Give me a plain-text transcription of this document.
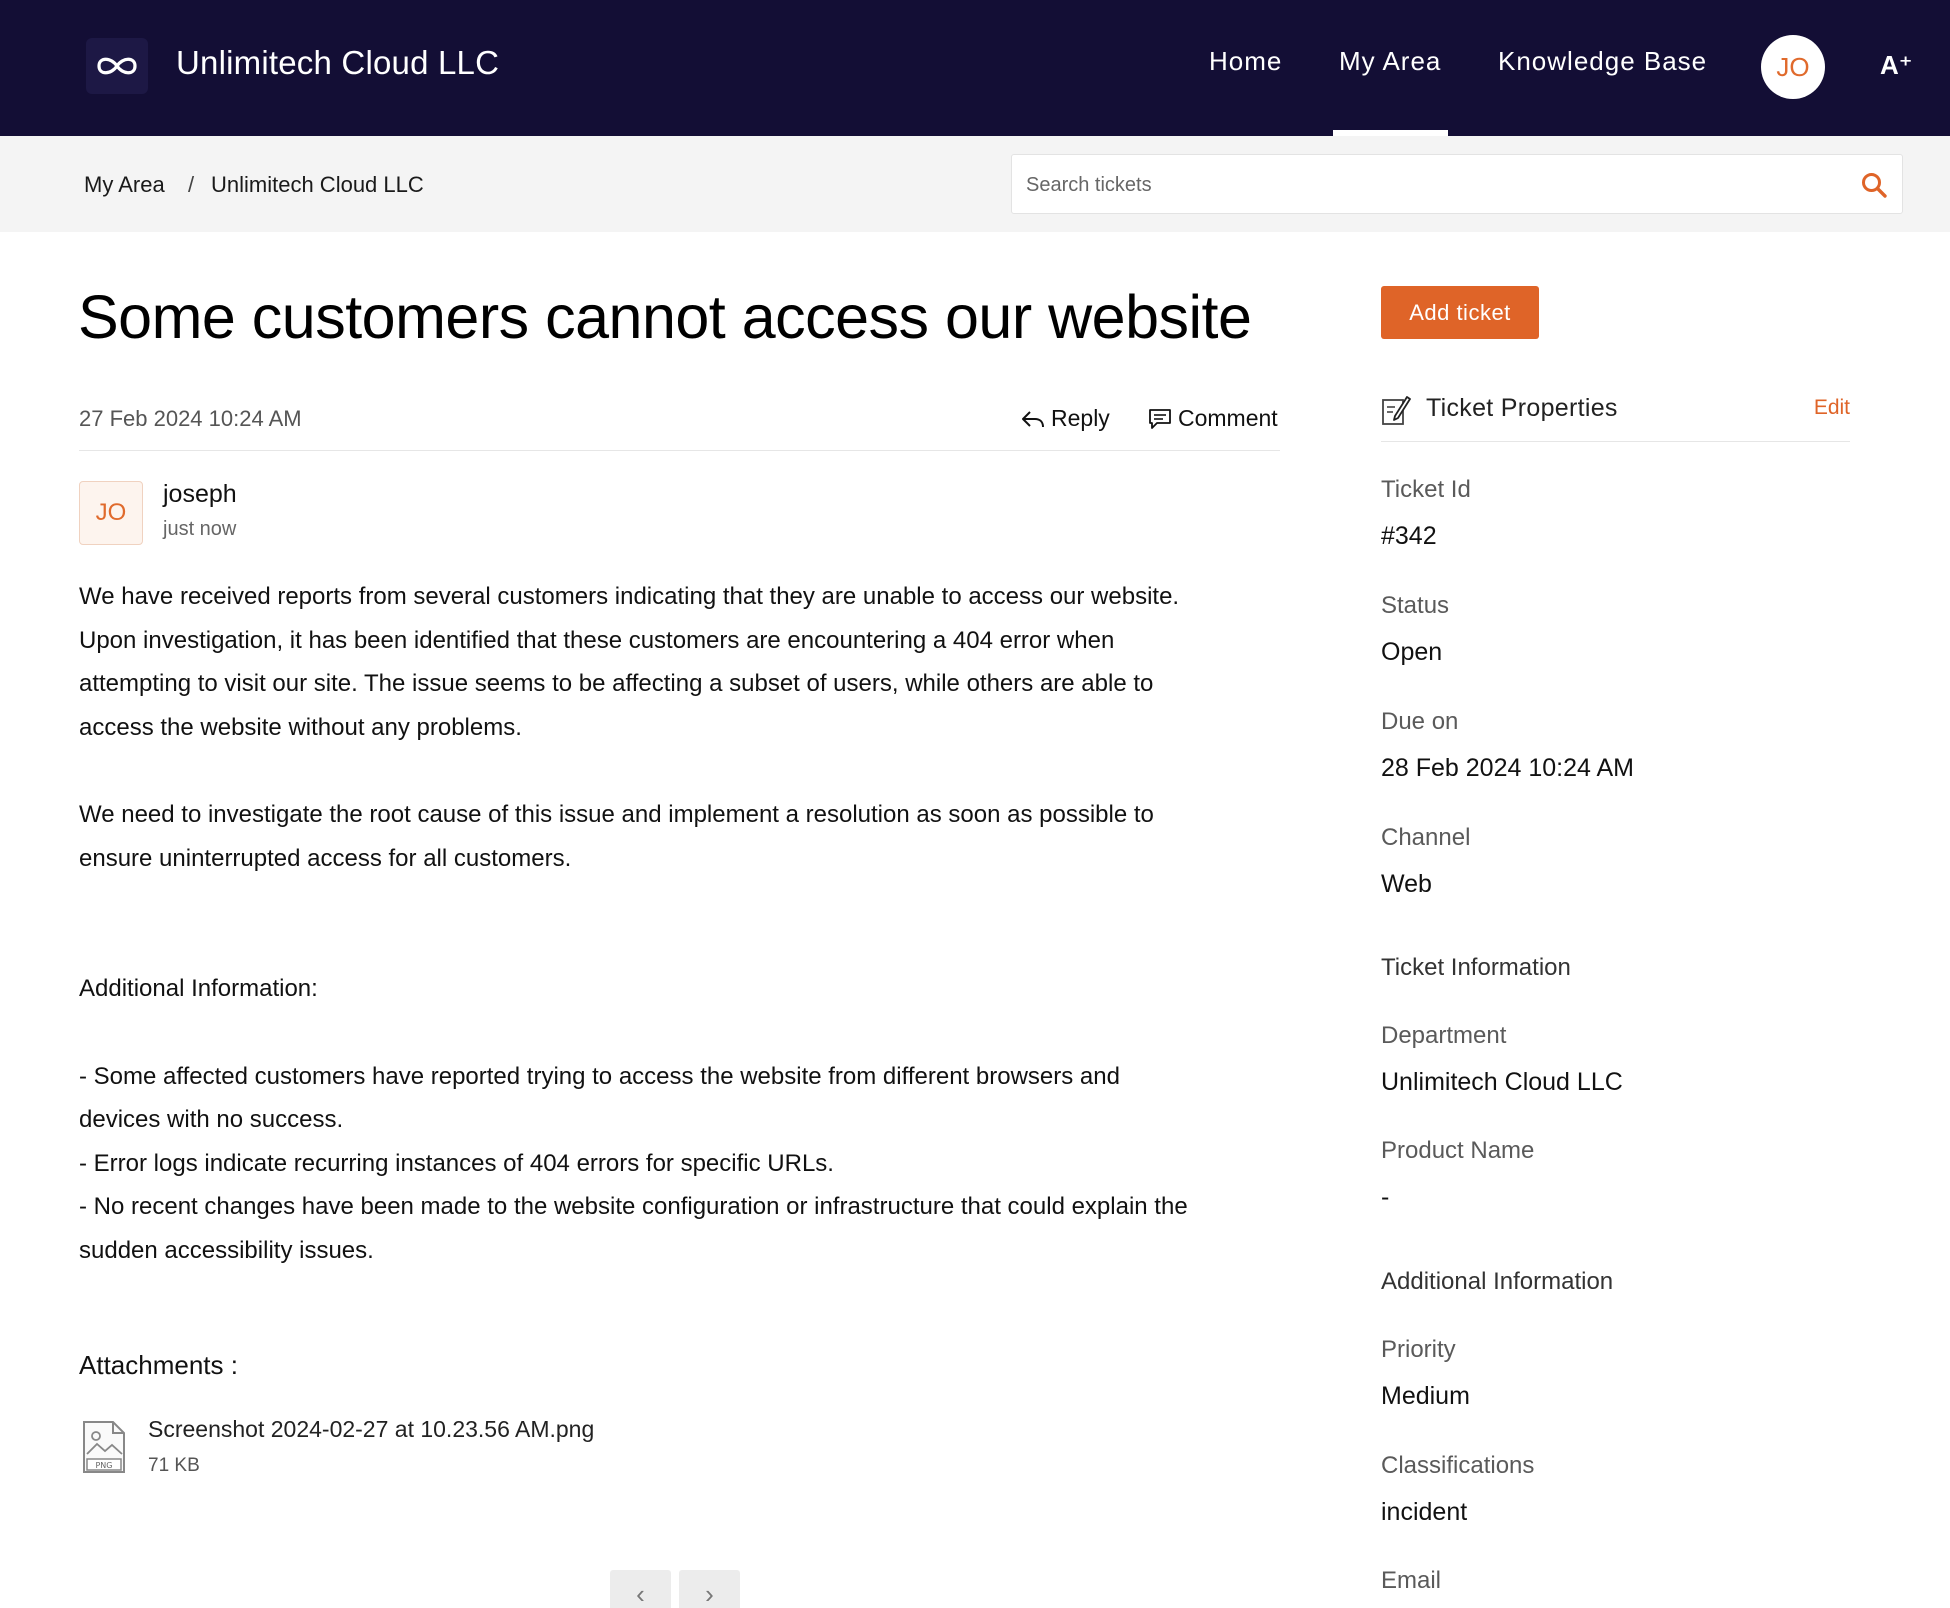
Unlimitech Cloud LLC	Home My Area Knowledge Base	JO	A⁺
My Area / Unlimitech Cloud LLC
Search tickets
Some customers cannot access our website
27 Feb 2024 10:24 AM	Reply	Comment
JO
joseph
just now

We have received reports from several customers indicating that they are unable to access our website.
Upon investigation, it has been identified that these customers are encountering a 404 error when
attempting to visit our site. The issue seems to be affecting a subset of users, while others are able to
access the website without any problems.

We need to investigate the root cause of this issue and implement a resolution as soon as possible to
ensure uninterrupted access for all customers.

Additional Information:

- Some affected customers have reported trying to access the website from different browsers and
devices with no success.
- Error logs indicate recurring instances of 404 errors for specific URLs.
- No recent changes have been made to the website configuration or infrastructure that could explain the
sudden accessibility issues.

Attachments :
PNG
Screenshot 2024-02-27 at 10.23.56 AM.png
71 KB
‹ ›
Add ticket
Ticket Properties	Edit
Ticket Id
#342
Status
Open
Due on
28 Feb 2024 10:24 AM
Channel
Web
Ticket Information
Department
Unlimitech Cloud LLC
Product Name
-
Additional Information
Priority
Medium
Classifications
incident
Email
